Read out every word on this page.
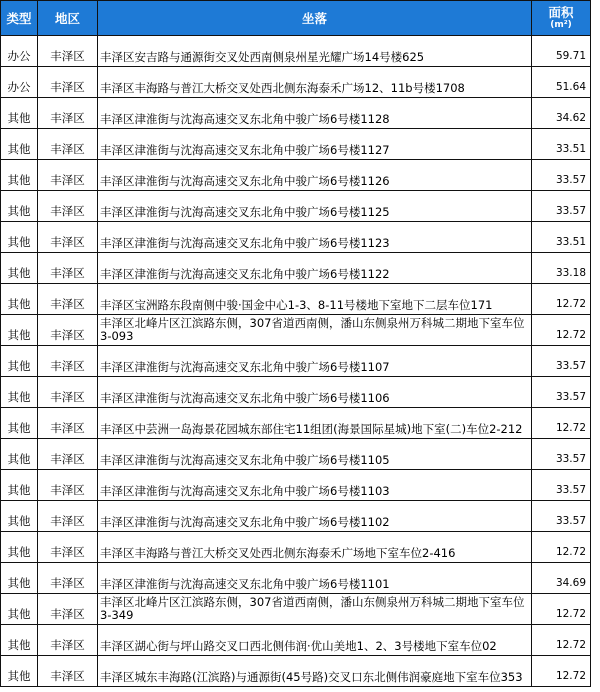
类型	地区	坐落	面积
(m²)

办公	丰泽区	丰泽区安吉路与通源街交叉处西南侧泉州星光耀广场14号楼625	59.71
办公	丰泽区	丰泽区丰海路与普江大桥交叉处西北侧东海泰禾广场12、11b号楼1708	51.64
其他	丰泽区	丰泽区津淮街与沈海高速交叉东北角中骏广场6号楼1128	34.62
其他	丰泽区	丰泽区津淮街与沈海高速交叉东北角中骏广场6号楼1127	33.51
其他	丰泽区	丰泽区津淮街与沈海高速交叉东北角中骏广场6号楼1126	33.57
其他	丰泽区	丰泽区津淮街与沈海高速交叉东北角中骏广场6号楼1125	33.57
其他	丰泽区	丰泽区津淮街与沈海高速交叉东北角中骏广场6号楼1123	33.51
其他	丰泽区	丰泽区津淮街与沈海高速交叉东北角中骏广场6号楼1122	33.18
其他	丰泽区	丰泽区宝洲路东段南侧中骏·国金中心1-3、8-11号楼地下室地下二层车位171	12.72
其他	丰泽区	丰泽区北峰片区江滨路东侧，307省道西南侧，潘山东侧泉州万科城二期地下室车位3-093	12.72
其他	丰泽区	丰泽区津淮街与沈海高速交叉东北角中骏广场6号楼1107	33.57
其他	丰泽区	丰泽区津淮街与沈海高速交叉东北角中骏广场6号楼1106	33.57
其他	丰泽区	丰泽区中芸洲一岛海景花园城东部住宅11组团(海景国际星城)地下室(二)车位2-212	12.72
其他	丰泽区	丰泽区津淮街与沈海高速交叉东北角中骏广场6号楼1105	33.57
其他	丰泽区	丰泽区津淮街与沈海高速交叉东北角中骏广场6号楼1103	33.57
其他	丰泽区	丰泽区津淮街与沈海高速交叉东北角中骏广场6号楼1102	33.57
其他	丰泽区	丰泽区丰海路与普江大桥交叉处西北侧东海泰禾广场地下室车位2-416	12.72
其他	丰泽区	丰泽区津淮街与沈海高速交叉东北角中骏广场6号楼1101	34.69
其他	丰泽区	丰泽区北峰片区江滨路东侧，307省道西南侧，潘山东侧泉州万科城二期地下室车位3-349	12.72
其他	丰泽区	丰泽区湖心街与坪山路交叉口西北侧伟润·优山美地1、2、3号楼地下室车位02	12.72
其他	丰泽区	丰泽区城东丰海路(江滨路)与通源街(45号路)交叉口东北侧伟润豪庭地下室车位353	12.72
